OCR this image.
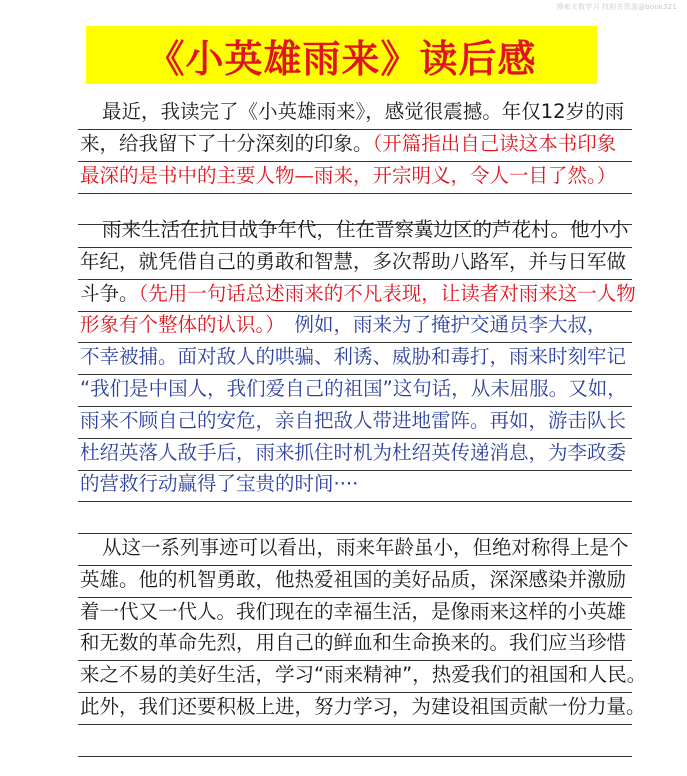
搜索夫数学习 找相关资源@book321
《小英雄雨来》读后感
最近，我读完了《小英雄雨来》，感觉很震撼。年仅12岁的雨
来，给我留下了十分深刻的印象。（开篇指出自己读这本书印象
最深的是书中的主要人物—雨来，开宗明义，令人一目了然。）
雨来生活在抗日战争年代，住在晋察冀边区的芦花村。他小小
年纪，就凭借自己的勇敢和智慧，多次帮助八路军，并与日军做
斗争。（先用一句话总述雨来的不凡表现，让读者对雨来这一人物
形象有个整体的认识。）　例如，雨来为了掩护交通员李大叔，
不幸被捕。面对敌人的哄骗、利诱、威胁和毒打，雨来时刻牢记
“我们是中国人，我们爱自己的祖国”这句话，从未屈服。又如，
雨来不顾自己的安危，亲自把敌人带进地雷阵。再如，游击队长
杜绍英落人敌手后，雨来抓住时机为杜绍英传递消息，为李政委
的营救行动赢得了宝贵的时间····
从这一系列事迹可以看出，雨来年龄虽小，但绝对称得上是个
英雄。他的机智勇敢，他热爱祖国的美好品质，深深感染并激励
着一代又一代人。我们现在的幸福生活，是像雨来这样的小英雄
和无数的革命先烈，用自己的鲜血和生命换来的。我们应当珍惜
来之不易的美好生活，学习“雨来精神”，热爱我们的祖国和人民。
此外，我们还要积极上进，努力学习，为建设祖国贡献一份力量。
